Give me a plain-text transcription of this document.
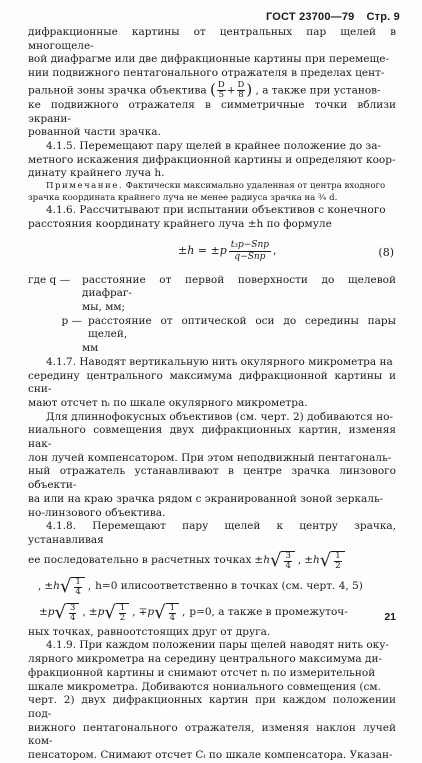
ГОСТ 23700—79 Стр. 9

дифракционные картины от центральных пар щелей в многощеле-

вой диафрагме или две дифракционные картины при перемеще-

нии подвижного пентагонального отражателя в пределах цент-

ральной зоны зрачка объектива ( $\frac{D}{5} + \frac{D}{8}$ ) , а также при установ-

ке подвижного отражателя в симметричные точки вблизи экрани-

рованной части зрачка.

4.1.5. Перемещают пару щелей в крайнее положение до за-

метного искажения дифракционной картины и определяют коор-

динату крайнего луча h.

Примечание. Фактически максимально удаленная от центра входного

зрачка координата крайнего луча не менее радиуса зрачка на ¾ d.

4.1.6. Рассчитывают при испытании объективов с конечного

расстояния координату крайнего луча ±h по формуле

$\pm h = \pm p \frac{\text{t₃р−Sпр}}{\text{q−Sпр}}$ ,	(8)
где q —	расстояние от первой поверхности до щелевой диафраг-
мы, мм;
p — расстояние от оптической оси до середины пары щелей,
мм

4.1.7. Наводят вертикальную нить окулярного микрометра на

середину центрального максимума дифракционной картины и сни-

мают отсчет nᵢ по шкале окулярного микрометра.

Для длиннофокусных объективов (см. черт. 2) добиваются но-

ниального совмещения двух дифракционных картин, изменяя нак-

лон лучей компенсатором. При этом неподвижный пентагональ-

ный отражатель устанавливают в центре зрачка линзового объекти-

ва или на краю зрачка рядом с экранированной зоной зеркаль-

но-линзового объектива.

4.1.8. Перемещают пару щелей к центру зрачка, устанавливая

ее последовательно в расчетных точках ±h √ $\frac{3}{4}$ , ±h √ $\frac{1}{2}$
, ±h √ $\frac{1}{4}$ , h=0 илисоответственно в точках (см. черт. 4, 5)
±p √ $\frac{3}{4}$ , ±p √ $\frac{1}{2}$ , ∓p √ $\frac{1}{4}$ , p=0, а также в промежуточ-

ных точках, равноотстоящих друг от друга.

4.1.9. При каждом положении пары щелей наводят нить оку-

лярного микрометра на середину центрального максимума ди-

фракционной картины и снимают отсчет nᵢ по измерительной

шкале микрометра. Добиваются нониального совмещения (см.

черт. 2) двух дифракционных картин при каждом положении под-

вижного пентагонального отражателя, изменяя наклон лучей ком-

пенсатором. Снимают отсчет Cᵢ по шкале компенсатора. Указан-

21
